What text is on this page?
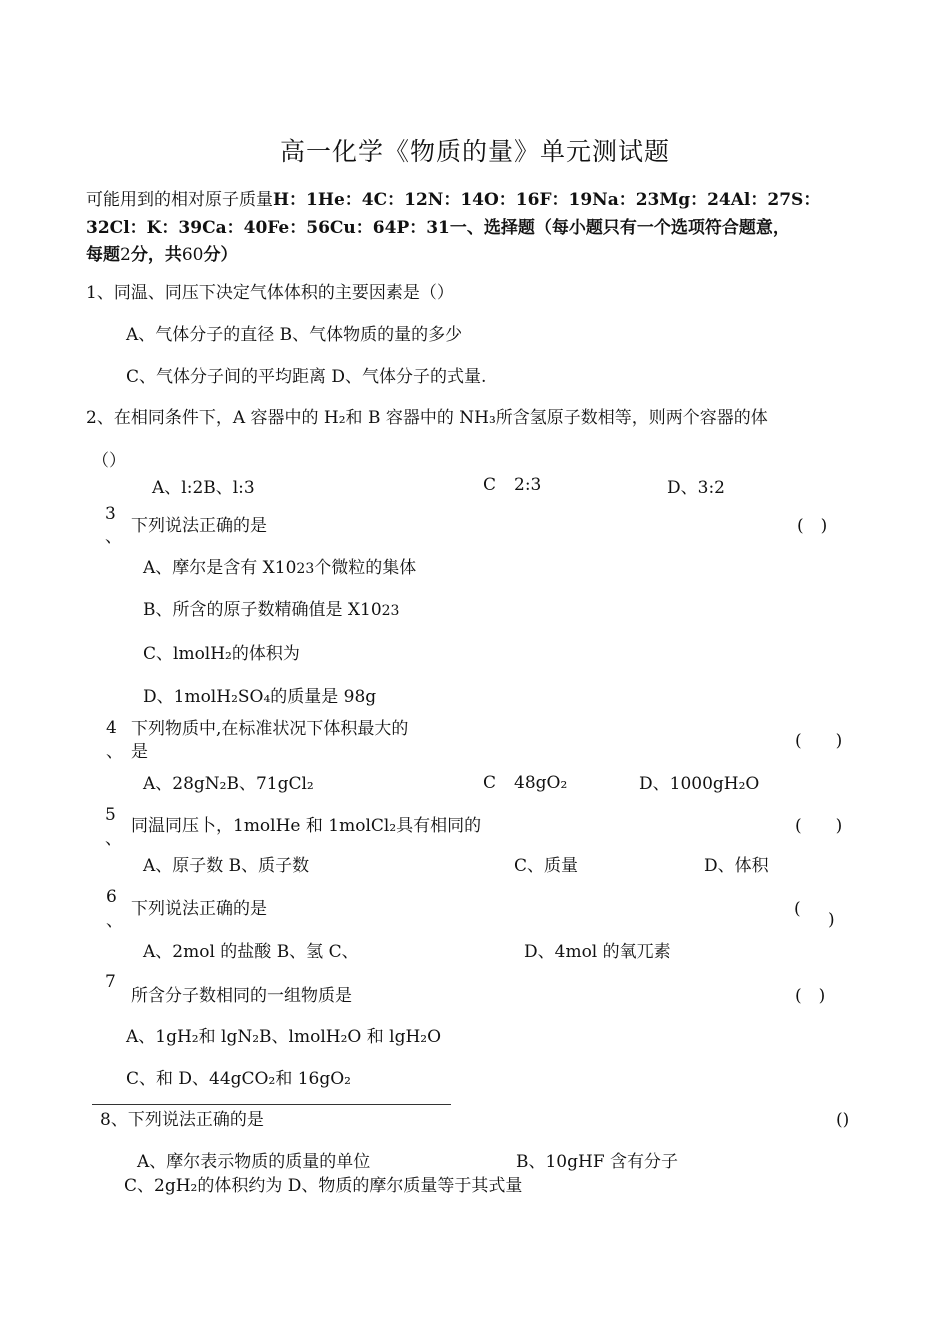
高一化学《物质的量》单元测试题
可能用到的相对原子质量H：1He：4C：12N：14O：16F：19Na：23Mg：24Al：27S：
32Cl：K：39Ca：40Fe：56Cu：64P：31一、选择题（每小题只有一个选项符合题意，
每题2分，共60分）
1、同温、同压下决定气体体积的主要因素是（）
A、气体分子的直径 B、气体物质的量的多少
C、气体分子间的平均距离 D、气体分子的式量.
2、在相同条件下，A 容器中的 H₂和 B 容器中的 NH₃所含氢原子数相等，则两个容器的体
（）
A、l:2B、l:3	C 2:3	D、3:2
3
、
下列说法正确的是	(　)
A、摩尔是含有 X1023个微粒的集体
B、所含的原子数精确值是 X1023
C、lmolH₂的体积为
D、1molH₂SO₄的质量是 98g
4
、
下列物质中,在标准状况下体积最大的
是
(　　)
A、28gN₂B、71gCl₂	C 48gO₂	D、1000gH₂O
5
、
同温同压卜，1molHe 和 1molCl₂具有相同的	(　　)
A、原子数 B、质子数	C、质量	D、体积
6
、
下列说法正确的是	(
)
A、2mol 的盐酸 B、氢 C、	D、4mol 的氧兀素
7
所含分子数相同的一组物质是	(　)
A、1gH₂和 lgN₂B、lmolH₂O 和 lgH₂O
C、和 D、44gCO₂和 16gO₂
8、下列说法正确的是	()
A、摩尔表示物质的质量的单位	B、10gHF 含有分子
C、2gH₂的体积约为 D、物质的摩尔质量等于其式量
